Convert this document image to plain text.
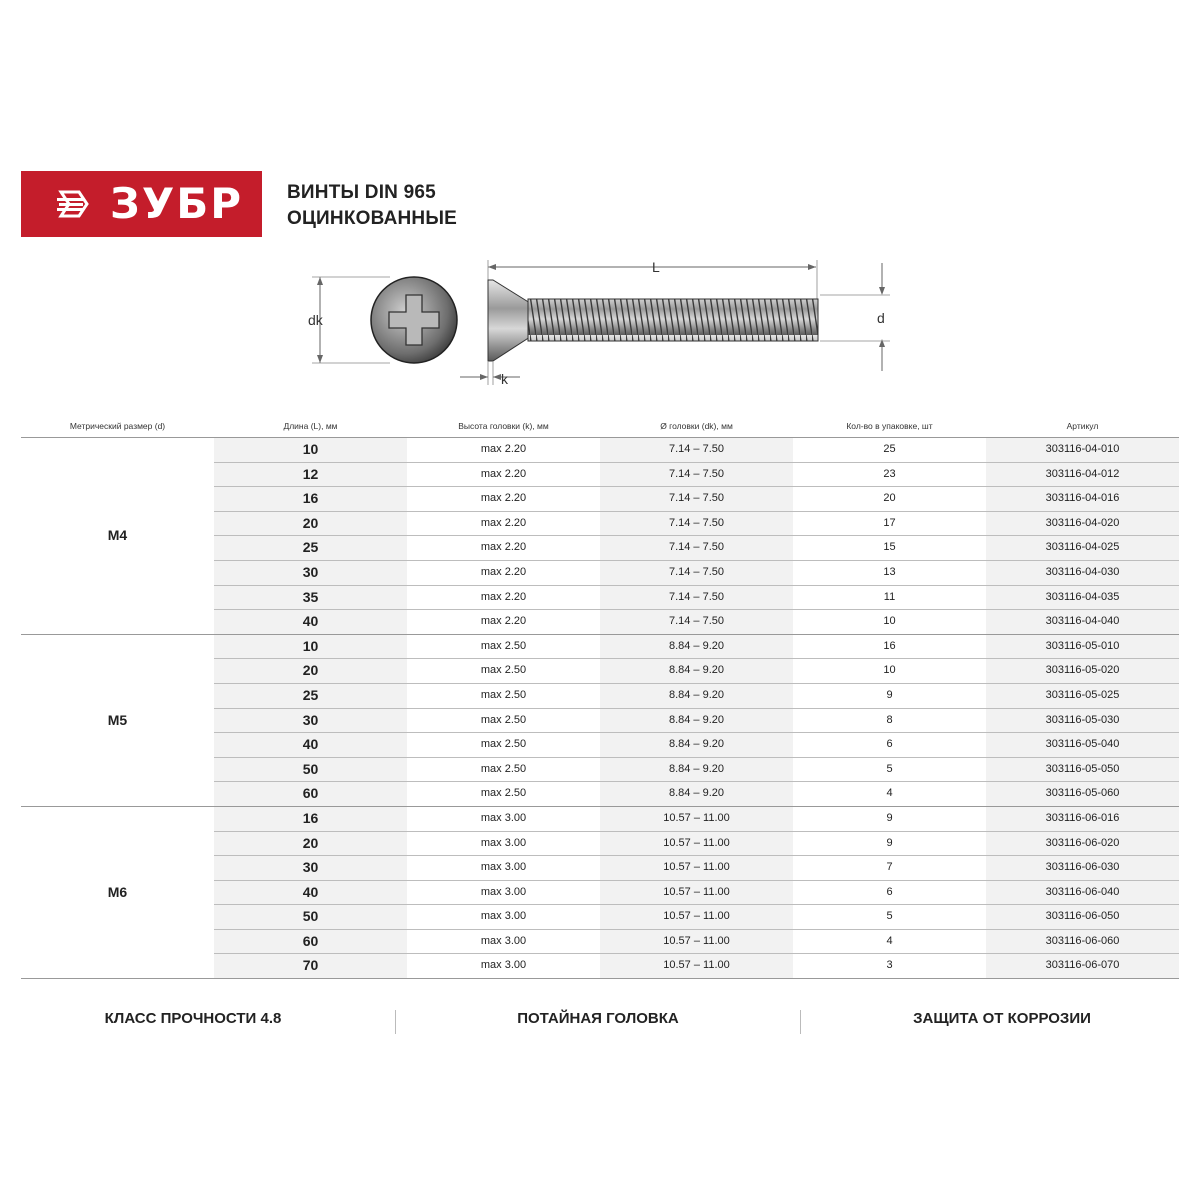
ЗУБР ВИНТЫ DIN 965
ОЦИНКОВАННЫЕ
L
d
dk
k
Метрический размер (d)	Длина (L), мм	Высота головки (k), мм	Ø головки (dk), мм	Кол-во в упаковке, шт	Артикул
M4	10	max 2.20	7.14 – 7.50	25	303116-04-010
	12	max 2.20	7.14 – 7.50	23	303116-04-012
	16	max 2.20	7.14 – 7.50	20	303116-04-016
	20	max 2.20	7.14 – 7.50	17	303116-04-020
	25	max 2.20	7.14 – 7.50	15	303116-04-025
	30	max 2.20	7.14 – 7.50	13	303116-04-030
	35	max 2.20	7.14 – 7.50	11	303116-04-035
	40	max 2.20	7.14 – 7.50	10	303116-04-040
M5	10	max 2.50	8.84 – 9.20	16	303116-05-010
	20	max 2.50	8.84 – 9.20	10	303116-05-020
	25	max 2.50	8.84 – 9.20	9	303116-05-025
	30	max 2.50	8.84 – 9.20	8	303116-05-030
	40	max 2.50	8.84 – 9.20	6	303116-05-040
	50	max 2.50	8.84 – 9.20	5	303116-05-050
	60	max 2.50	8.84 – 9.20	4	303116-05-060
M6	16	max 3.00	10.57 – 11.00	9	303116-06-016
	20	max 3.00	10.57 – 11.00	9	303116-06-020
	30	max 3.00	10.57 – 11.00	7	303116-06-030
	40	max 3.00	10.57 – 11.00	6	303116-06-040
	50	max 3.00	10.57 – 11.00	5	303116-06-050
	60	max 3.00	10.57 – 11.00	4	303116-06-060
	70	max 3.00	10.57 – 11.00	3	303116-06-070
КЛАСС ПРОЧНОСТИ 4.8	ПОТАЙНАЯ ГОЛОВКА	ЗАЩИТА ОТ КОРРОЗИИ
